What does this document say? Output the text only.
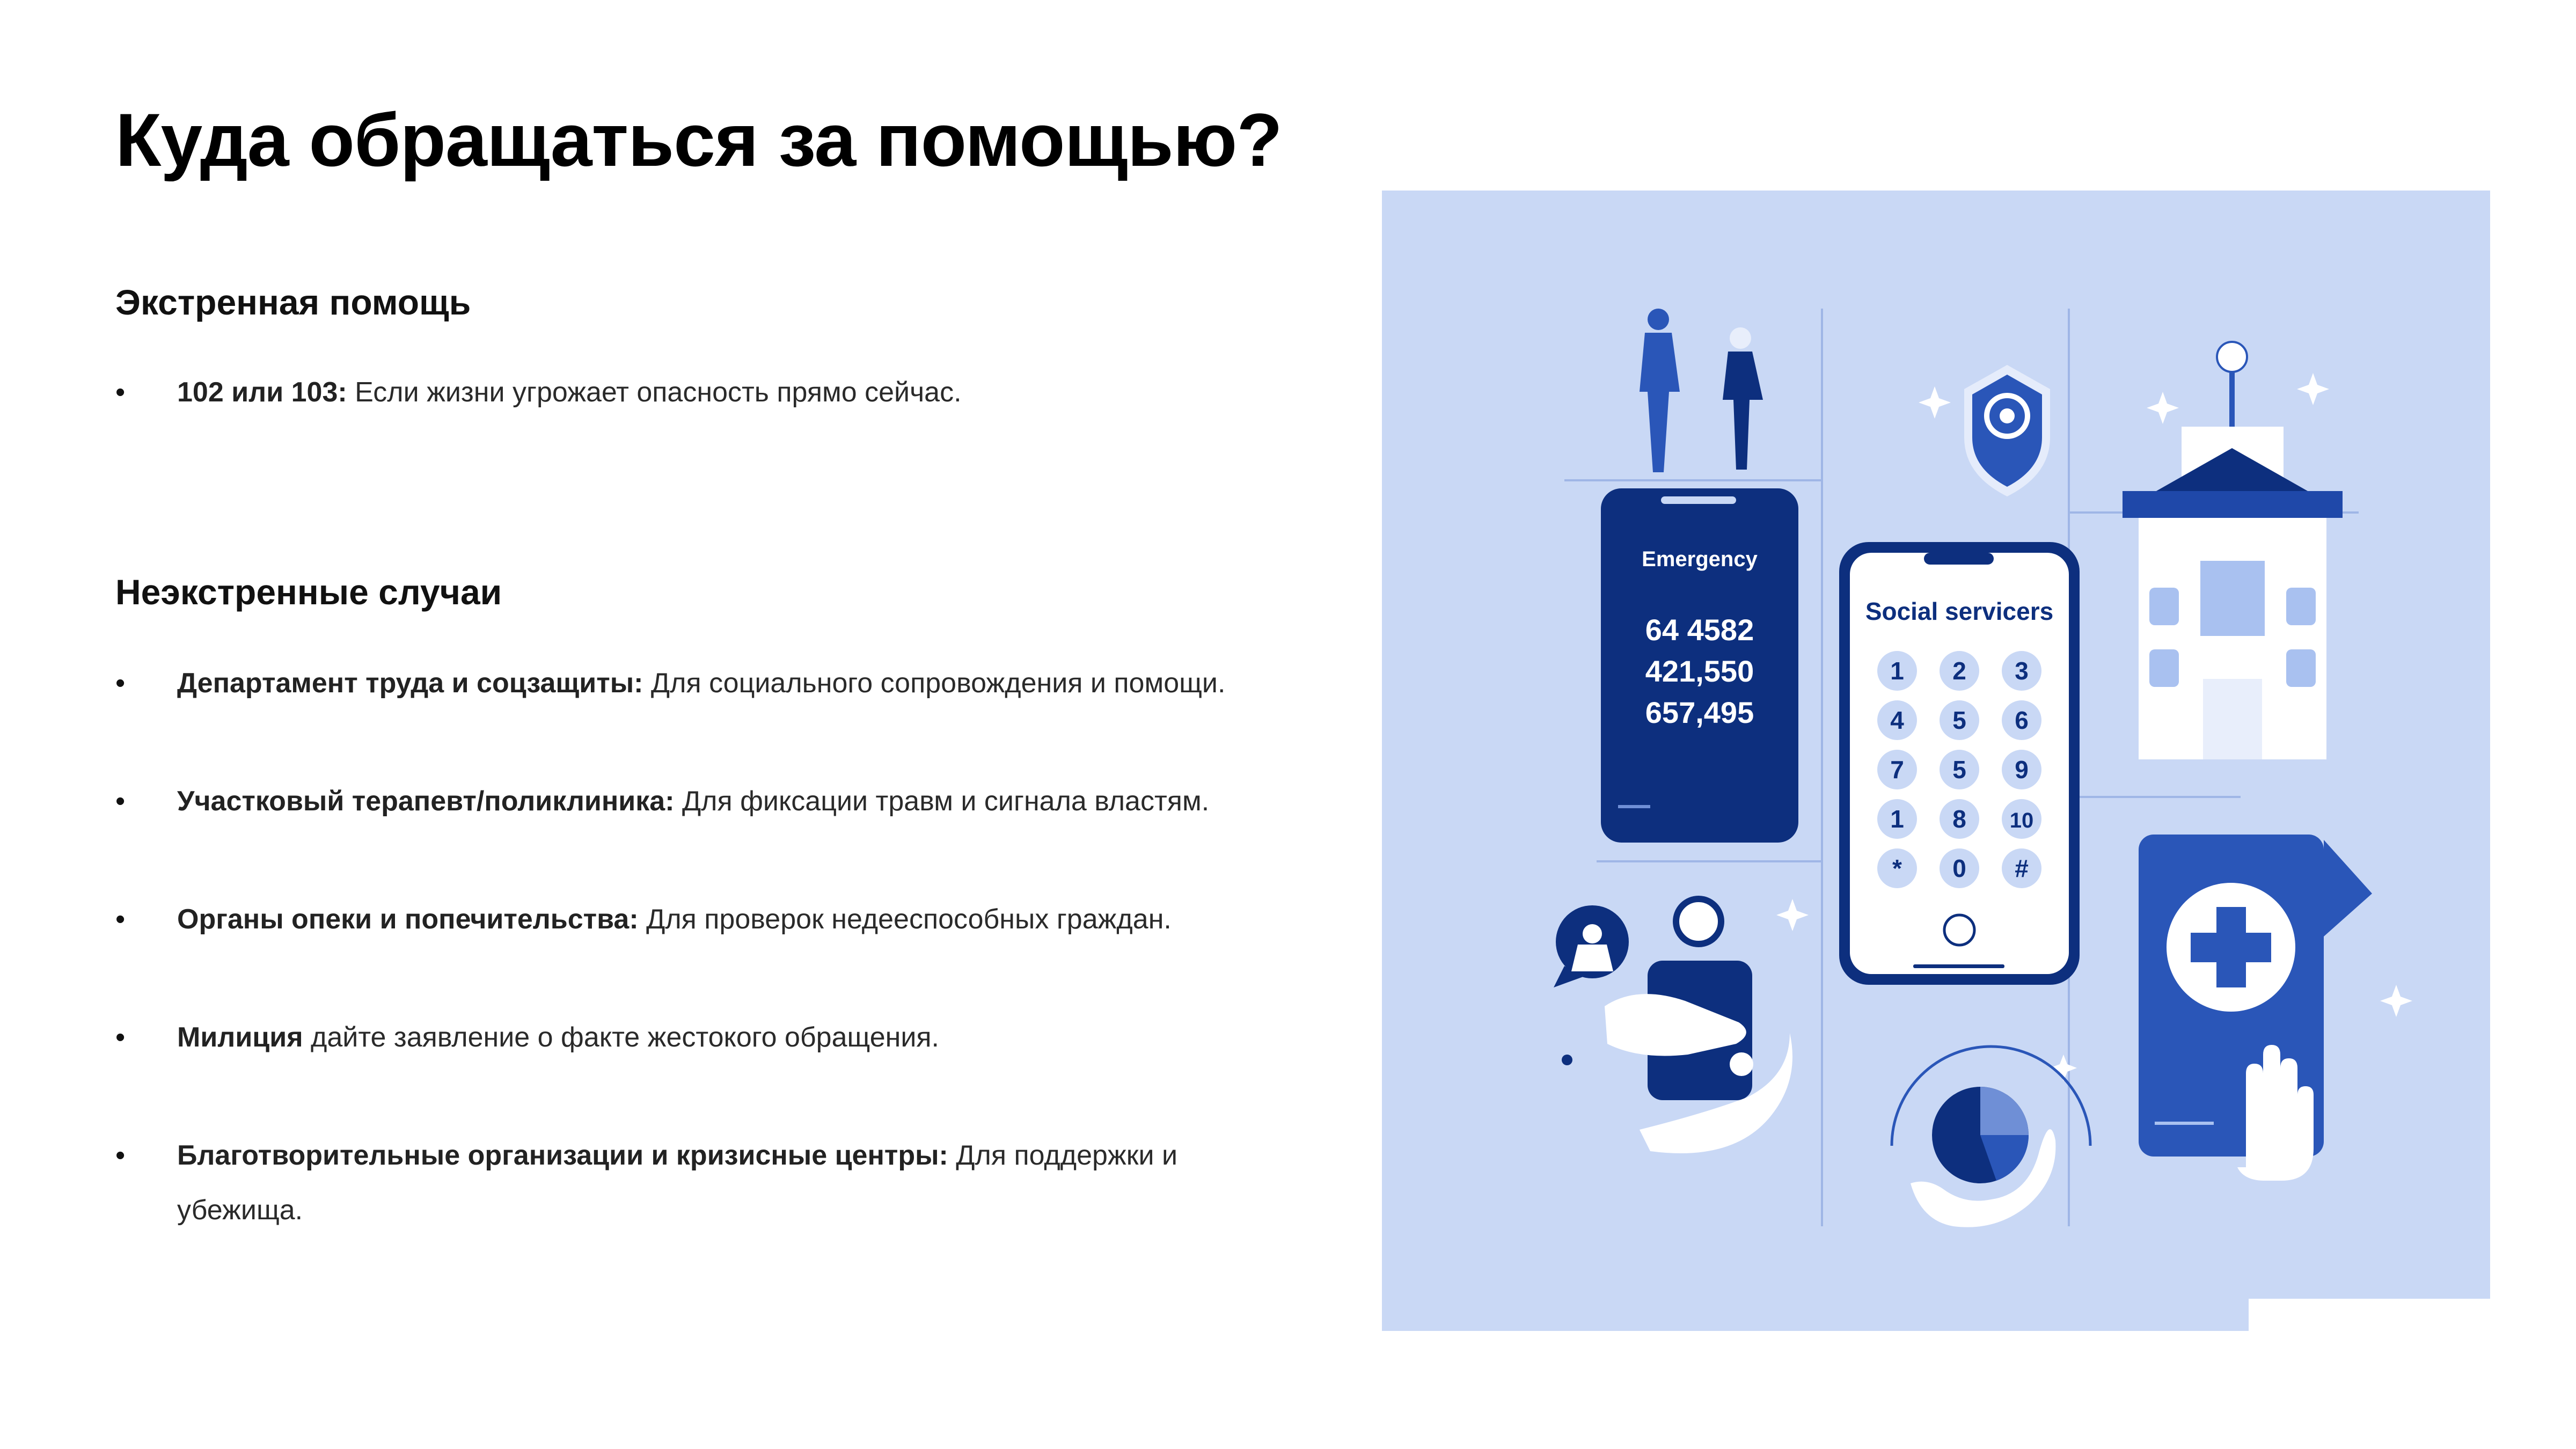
Куда обращаться за помощью?
Экстренная помощь
•	102 или 103: Если жизни угрожает опасность прямо сейчас.
Неэкстренные случаи
•	Департамент труда и соцзащиты: Для социального сопровождения и помощи.
•	Участковый терапевт/поликлиника: Для фиксации травм и сигнала властям.
•	Органы опеки и попечительства: Для проверок недееспособных граждан.
•	Милиция дайте заявление о факте жестокого обращения.
•	Благотворительные организации и кризисные центры: Для поддержки и убежища.
Emergency
64 4582
421,550
657,495
Social servicers
1 2 3
4 5 6
7 5 9
1 8 10
* 0 #
